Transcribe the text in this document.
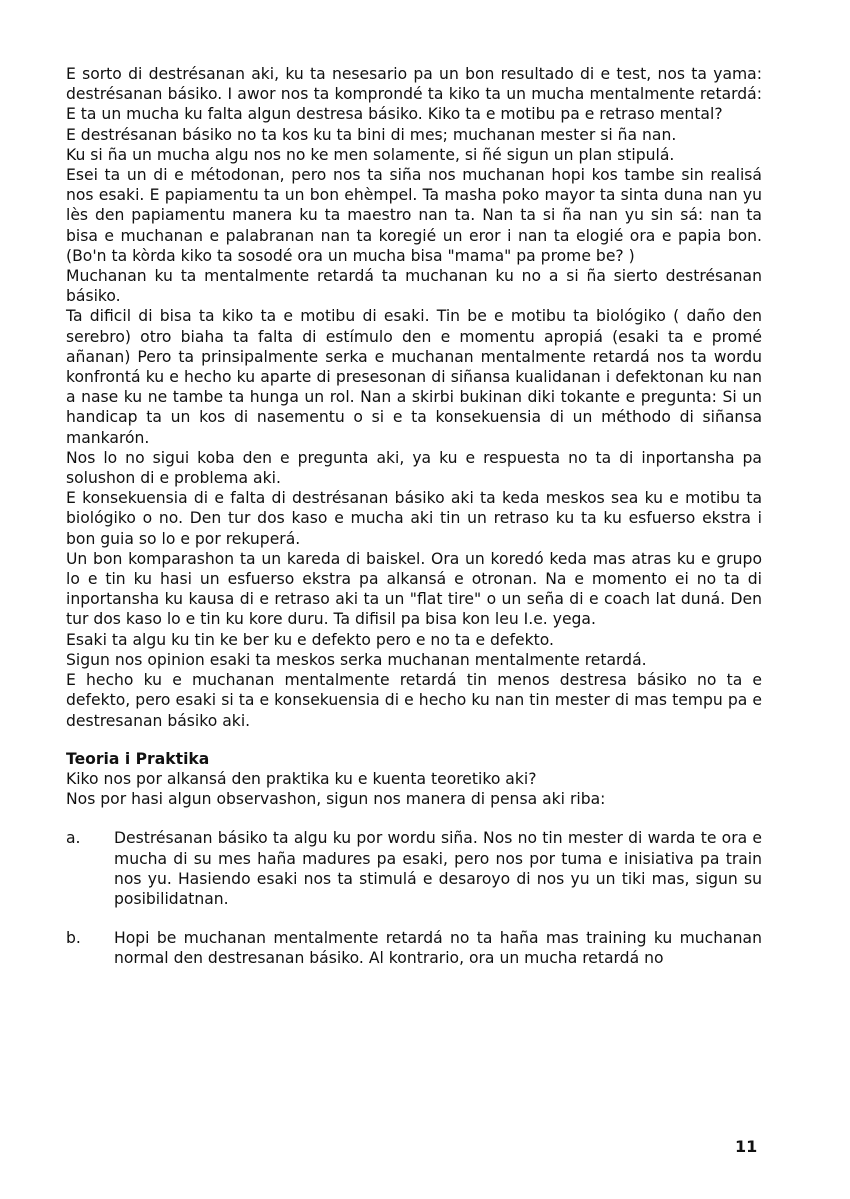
E sorto di destrésanan aki, ku ta nesesario pa un bon resultado di e test, nos ta yama: destrésanan básiko. I awor nos ta komprondé ta kiko ta un mucha mentalmente retardá: E ta un mucha ku falta algun destresa básiko. Kiko ta e motibu pa e retraso mental?

E destrésanan básiko no ta kos ku ta bini di mes; muchanan mester si ña nan.

Ku si ña un mucha algu nos no ke men solamente, si ñé sigun un plan stipulá.

Esei ta un di e métodonan, pero nos ta siña nos muchanan hopi kos tambe sin realisá nos esaki. E papiamentu ta un bon ehèmpel. Ta masha poko mayor ta sinta duna nan yu lès den papiamentu manera ku ta maestro nan ta. Nan ta si ña nan yu sin sá: nan ta bisa e muchanan e palabranan nan ta koregié un eror i nan ta elogié ora e papia bon. (Bo'n ta kòrda kiko ta sosodé ora un mucha bisa "mama" pa prome be? )

Muchanan ku ta mentalmente retardá ta muchanan ku no a si ña sierto destrésanan básiko.

Ta dificil di bisa ta kiko ta e motibu di esaki. Tin be e motibu ta biológiko ( daño den serebro) otro biaha ta falta di estímulo den e momentu apropiá (esaki ta e promé añanan) Pero ta prinsipalmente serka e muchanan mentalmente retardá nos ta wordu konfrontá ku e hecho ku aparte di presesonan di siñansa kualidanan i defektonan ku nan a nase ku ne tambe ta hunga un rol. Nan a skirbi bukinan diki tokante e pregunta: Si un handicap ta un kos di nasementu o si e ta konsekuensia di un méthodo di siñansa mankarón.

Nos lo no sigui koba den e pregunta aki, ya ku e respuesta no ta di inportansha pa solushon di e problema aki.

E konsekuensia di e falta di destrésanan básiko aki ta keda meskos sea ku e motibu ta biológiko o no. Den tur dos kaso e mucha aki tin un retraso ku ta ku esfuerso ekstra i bon guia so lo e por rekuperá.

Un bon komparashon ta un kareda di baiskel. Ora un koredó keda mas atras ku e grupo lo e tin ku hasi un esfuerso ekstra pa alkansá e otronan. Na e momento ei no ta di inportansha ku kausa di e retraso aki ta un "flat tire" o un seña di e coach lat duná. Den tur dos kaso lo e tin ku kore duru. Ta difisil pa bisa kon leu I.e. yega.

Esaki ta algu ku tin ke ber ku e defekto pero e no ta e defekto.

Sigun nos opinion esaki ta meskos serka muchanan mentalmente retardá.

E hecho ku e muchanan mentalmente retardá tin menos destresa básiko no ta e defekto, pero esaki si ta e konsekuensia di e hecho ku nan tin mester di mas tempu pa e destresanan básiko aki.

Teoria i Praktika

Kiko nos por alkansá den praktika ku e kuenta teoretiko aki?

Nos por hasi algun observashon, sigun nos manera di pensa aki riba:

a.	Destrésanan básiko ta algu ku por wordu siña. Nos no tin mester di warda te ora e mucha di su mes haña madures pa esaki, pero nos por tuma e inisiativa pa train nos yu. Hasiendo esaki nos ta stimulá e desaroyo di nos yu un tiki mas, sigun su posibilidatnan.
b.	Hopi be muchanan mentalmente retardá no ta haña mas training ku muchanan normal den destresanan básiko. Al kontrario, ora un mucha retardá no
11
